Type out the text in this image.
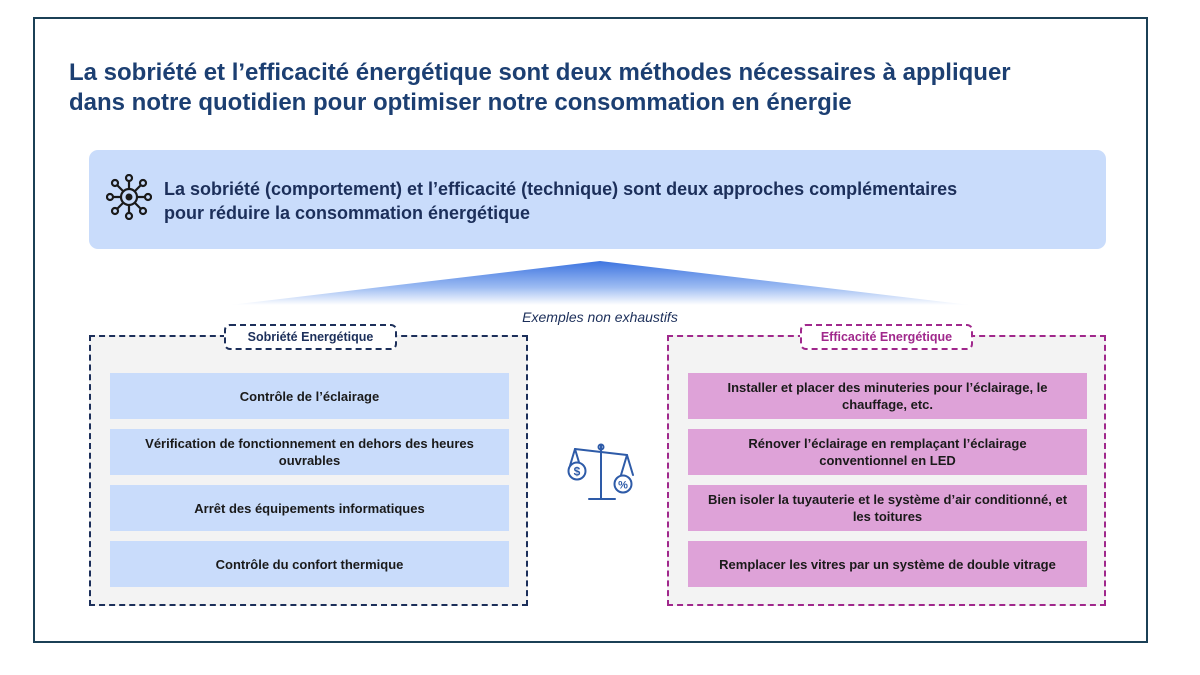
La sobriété et l’efficacité énergétique sont deux méthodes nécessaires à appliquer
dans notre quotidien pour optimiser notre consommation en énergie
La sobriété (comportement) et l’efficacité (technique) sont deux approches complémentaires
pour réduire la consommation énergétique
Exemples non exhaustifs
Sobriété Energétique
Contrôle de l’éclairage
Vérification de fonctionnement en dehors des heures
ouvrables
Arrêt des équipements informatiques
Contrôle du confort thermique
$
%
Efficacité Energétique
Installer et placer des minuteries pour l’éclairage, le
chauffage, etc.
Rénover l’éclairage en remplaçant l’éclairage
conventionnel en LED
Bien isoler la tuyauterie et le système d’air conditionné, et
les toitures
Remplacer les vitres par un système de double vitrage
